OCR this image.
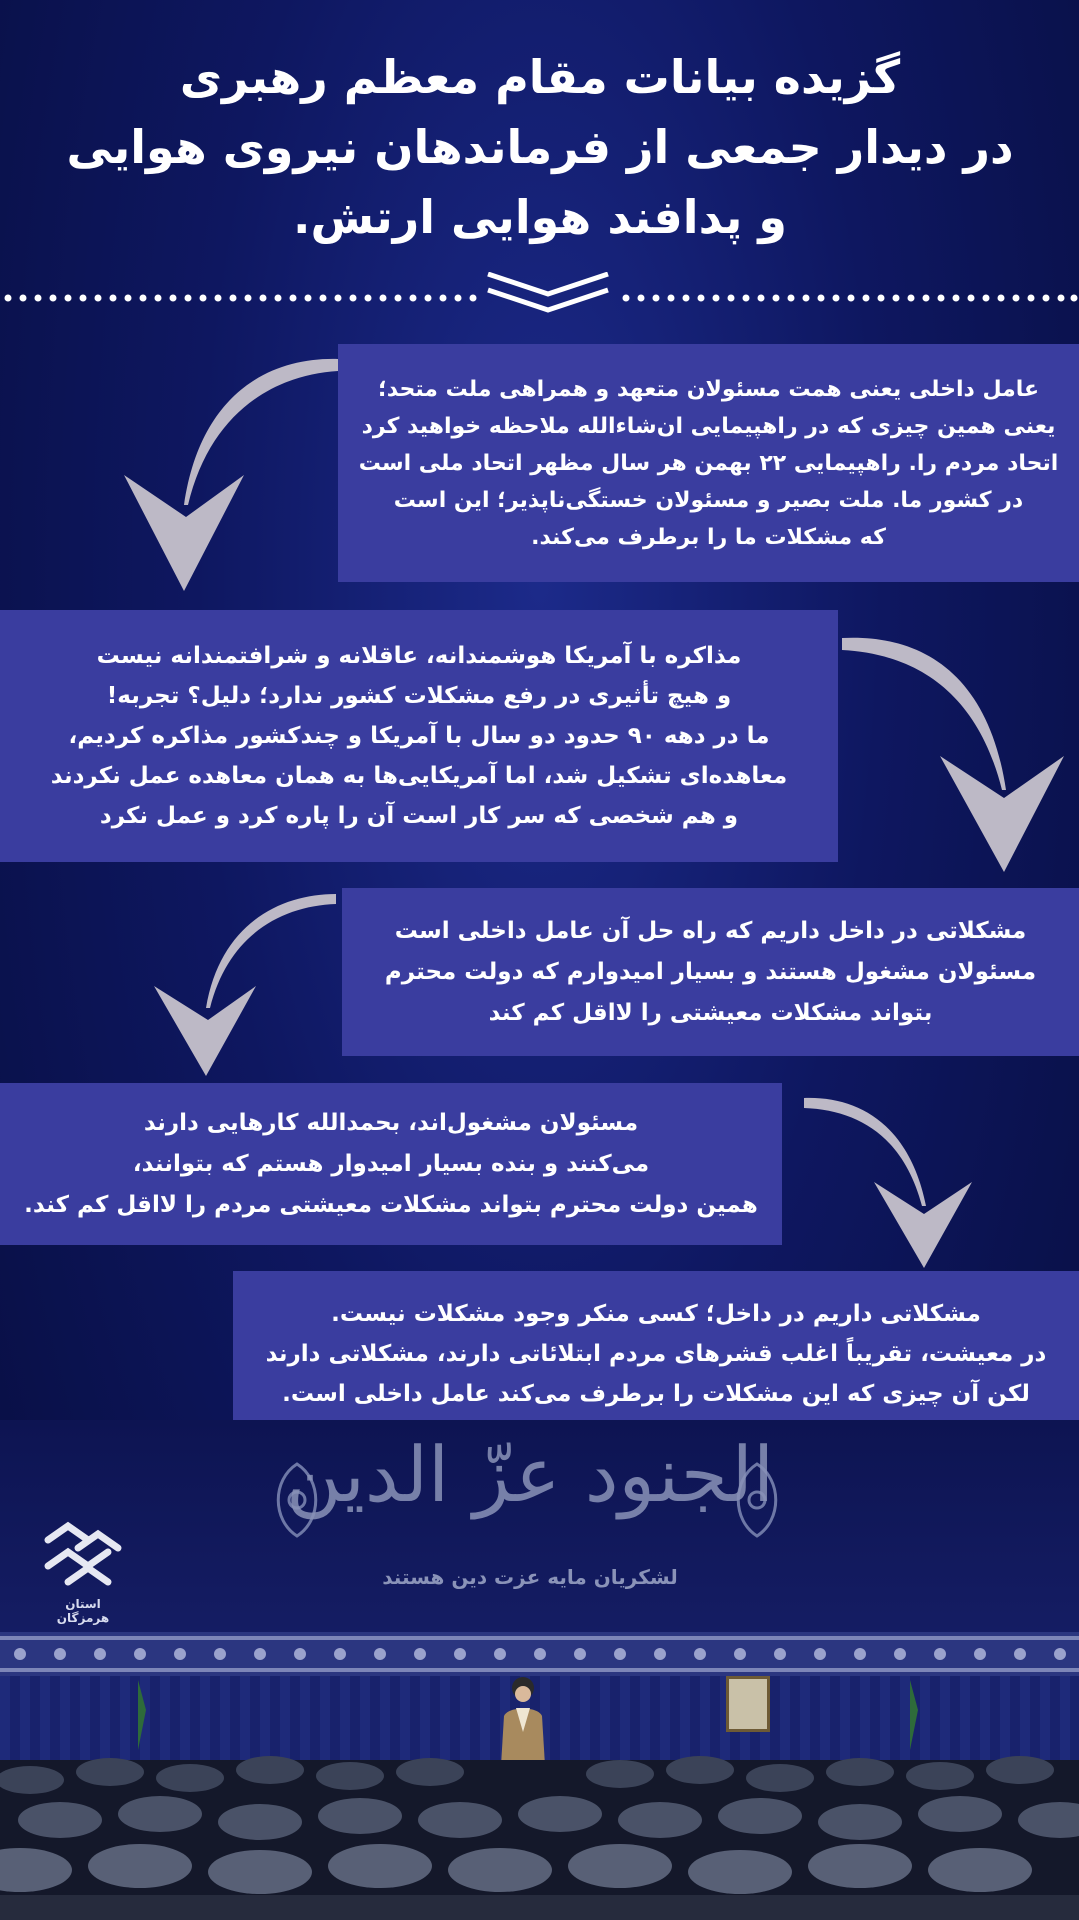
گزیده بیانات مقام معظم رهبری
در دیدار جمعی از فرماندهان نیروی هوایی
و پدافند هوایی ارتش.
عامل داخلی یعنی همت مسئولان متعهد و همراهی ملت متحد؛
یعنی همین چیزی که در راهپیمایی ان‌شاءالله ملاحظه خواهید کرد
اتحاد مردم را. راهپیمایی ۲۲ بهمن هر سال مظهر اتحاد ملی است
در کشور ما. ملت بصیر و مسئولان خستگی‌ناپذیر؛ این است
که مشکلات ما را برطرف می‌کند.
مذاکره با آمریکا هوشمندانه، عاقلانه و شرافتمندانه نیست
و هیچ تأثیری در رفع مشکلات کشور ندارد؛ دلیل؟ تجربه!
ما در دهه ۹۰ حدود دو سال با آمریکا و چندکشور مذاکره کردیم،
معاهده‌ای تشکیل شد، اما آمریکایی‌ها به همان معاهده عمل نکردند
و هم شخصی که سر کار است آن را پاره کرد و عمل نکرد
مشکلاتی در داخل داریم که راه حل آن عامل داخلی است
مسئولان مشغول هستند و بسیار امیدوارم که دولت محترم
بتواند مشکلات معیشتی را لااقل کم کند
مسئولان مشغول‌اند، بحمدالله کارهایی دارند
می‌کنند و بنده بسیار امیدوار هستم که بتوانند،
همین دولت محترم بتواند مشکلات معیشتی مردم را لااقل کم کند.
مشکلاتی داریم در داخل؛ کسی منکر وجود مشکلات نیست.
در معیشت، تقریباً اغلب قشرهای مردم ابتلائاتی دارند، مشکلاتی دارند
لکن آن چیزی که این مشکلات را برطرف می‌کند عامل داخلی است.
الجنود عزّ الدین
لشکریان مایه عزت دین هستند
استان هرمزگان
